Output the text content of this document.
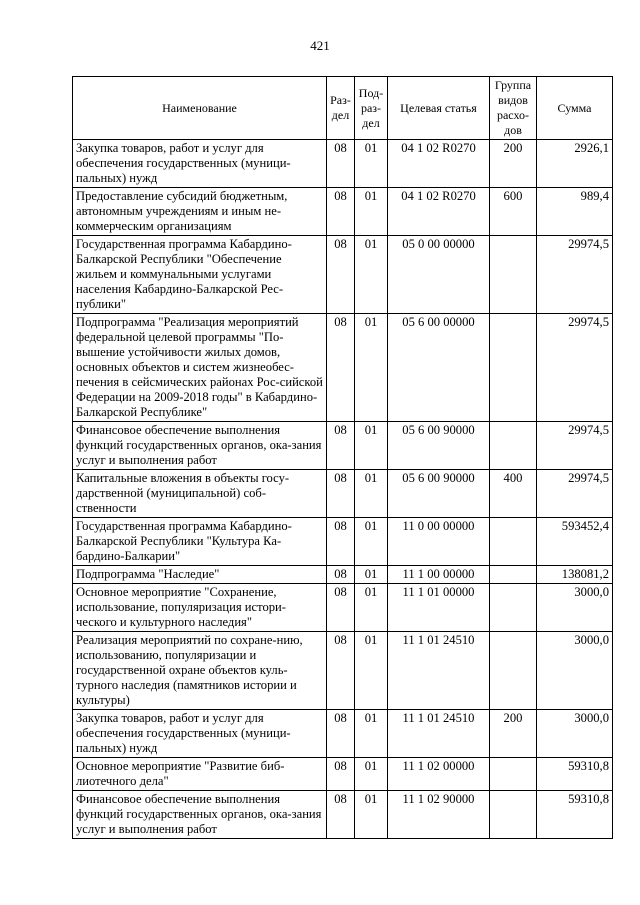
421
Наименование	Раз-дел	Под-раз-дел	Целевая статья	Группа видов расхо-дов	Сумма
Закупка товаров, работ и услуг для обеспечения государственных (муници-пальных) нужд	08	01	04 1 02 R0270	200	2926,1
Предоставление субсидий бюджетным, автономным учреждениям и иным не-коммерческим организациям	08	01	04 1 02 R0270	600	989,4
Государственная программа Кабардино-Балкарской Республики "Обеспечение жильем и коммунальными услугами населения Кабардино-Балкарской Рес-публики"	08	01	05 0 00 00000		29974,5
Подпрограмма "Реализация мероприятий федеральной целевой программы "По-вышение устойчивости жилых домов, основных объектов и систем жизнеобес-печения в сейсмических районах Рос-сийской Федерации на 2009-2018 годы" в Кабардино-Балкарской Республике"	08	01	05 6 00 00000		29974,5
Финансовое обеспечение выполнения функций государственных органов, ока-зания услуг и выполнения работ	08	01	05 6 00 90000		29974,5
Капитальные вложения в объекты госу-дарственной (муниципальной) соб-ственности	08	01	05 6 00 90000	400	29974,5
Государственная программа Кабардино-Балкарской Республики "Культура Ка-бардино-Балкарии"	08	01	11 0 00 00000		593452,4
Подпрограмма "Наследие"	08	01	11 1 00 00000		138081,2
Основное мероприятие "Сохранение, использование, популяризация истори-ческого и культурного наследия"	08	01	11 1 01 00000		3000,0
Реализация мероприятий по сохране-нию, использованию, популяризации и государственной охране объектов куль-турного наследия (памятников истории и культуры)	08	01	11 1 01 24510		3000,0
Закупка товаров, работ и услуг для обеспечения государственных (муници-пальных) нужд	08	01	11 1 01 24510	200	3000,0
Основное мероприятие "Развитие биб-лиотечного дела"	08	01	11 1 02 00000		59310,8
Финансовое обеспечение выполнения функций государственных органов, ока-зания услуг и выполнения работ	08	01	11 1 02 90000		59310,8
